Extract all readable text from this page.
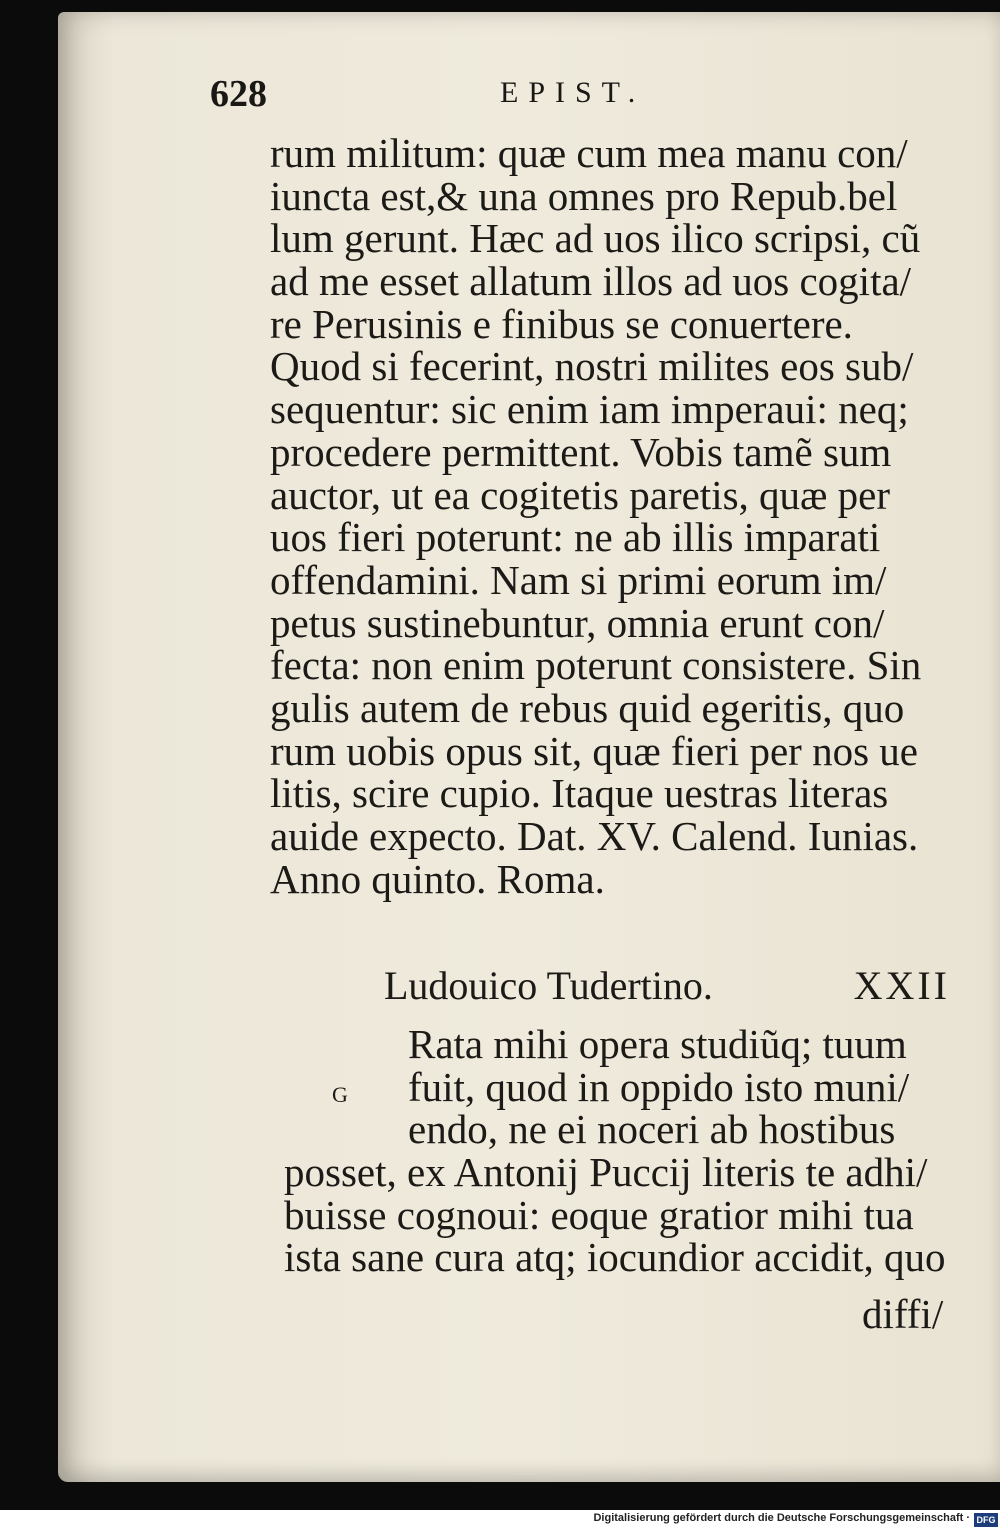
628	EPIST.
rum militum: quæ cum mea manu con/
iuncta est,& una omnes pro Repub.bel
lum gerunt. Hæc ad uos ilico scripsi, cũ
ad me esset allatum illos ad uos cogita/
re Perusinis e finibus se conuertere.
Quod si fecerint, nostri milites eos sub/
sequentur: sic enim iam imperaui: neq;
procedere permittent. Vobis tamẽ sum
auctor, ut ea cogitetis paretis, quæ per
uos fieri poterunt: ne ab illis imparati
offendamini. Nam si primi eorum im/
petus sustinebuntur, omnia erunt con/
fecta: non enim poterunt consistere. Sin
gulis autem de rebus quid egeritis, quo
rum uobis opus sit, quæ fieri per nos ue
litis, scire cupio. Itaque uestras literas
auide expecto. Dat. XV. Calend. Iunias.
Anno quinto. Roma.
Ludouico Tudertino.	XXII
G
Rata mihi opera studiũq; tuum
fuit, quod in oppido isto muni/
endo, ne ei noceri ab hostibus
posset, ex Antonij Puccij literis te adhi/
buisse cognoui: eoque gratior mihi tua
ista sane cura atq; iocundior accidit, quo
diffi/
Digitalisierung gefördert durch die Deutsche Forschungsgemeinschaft · DFG
